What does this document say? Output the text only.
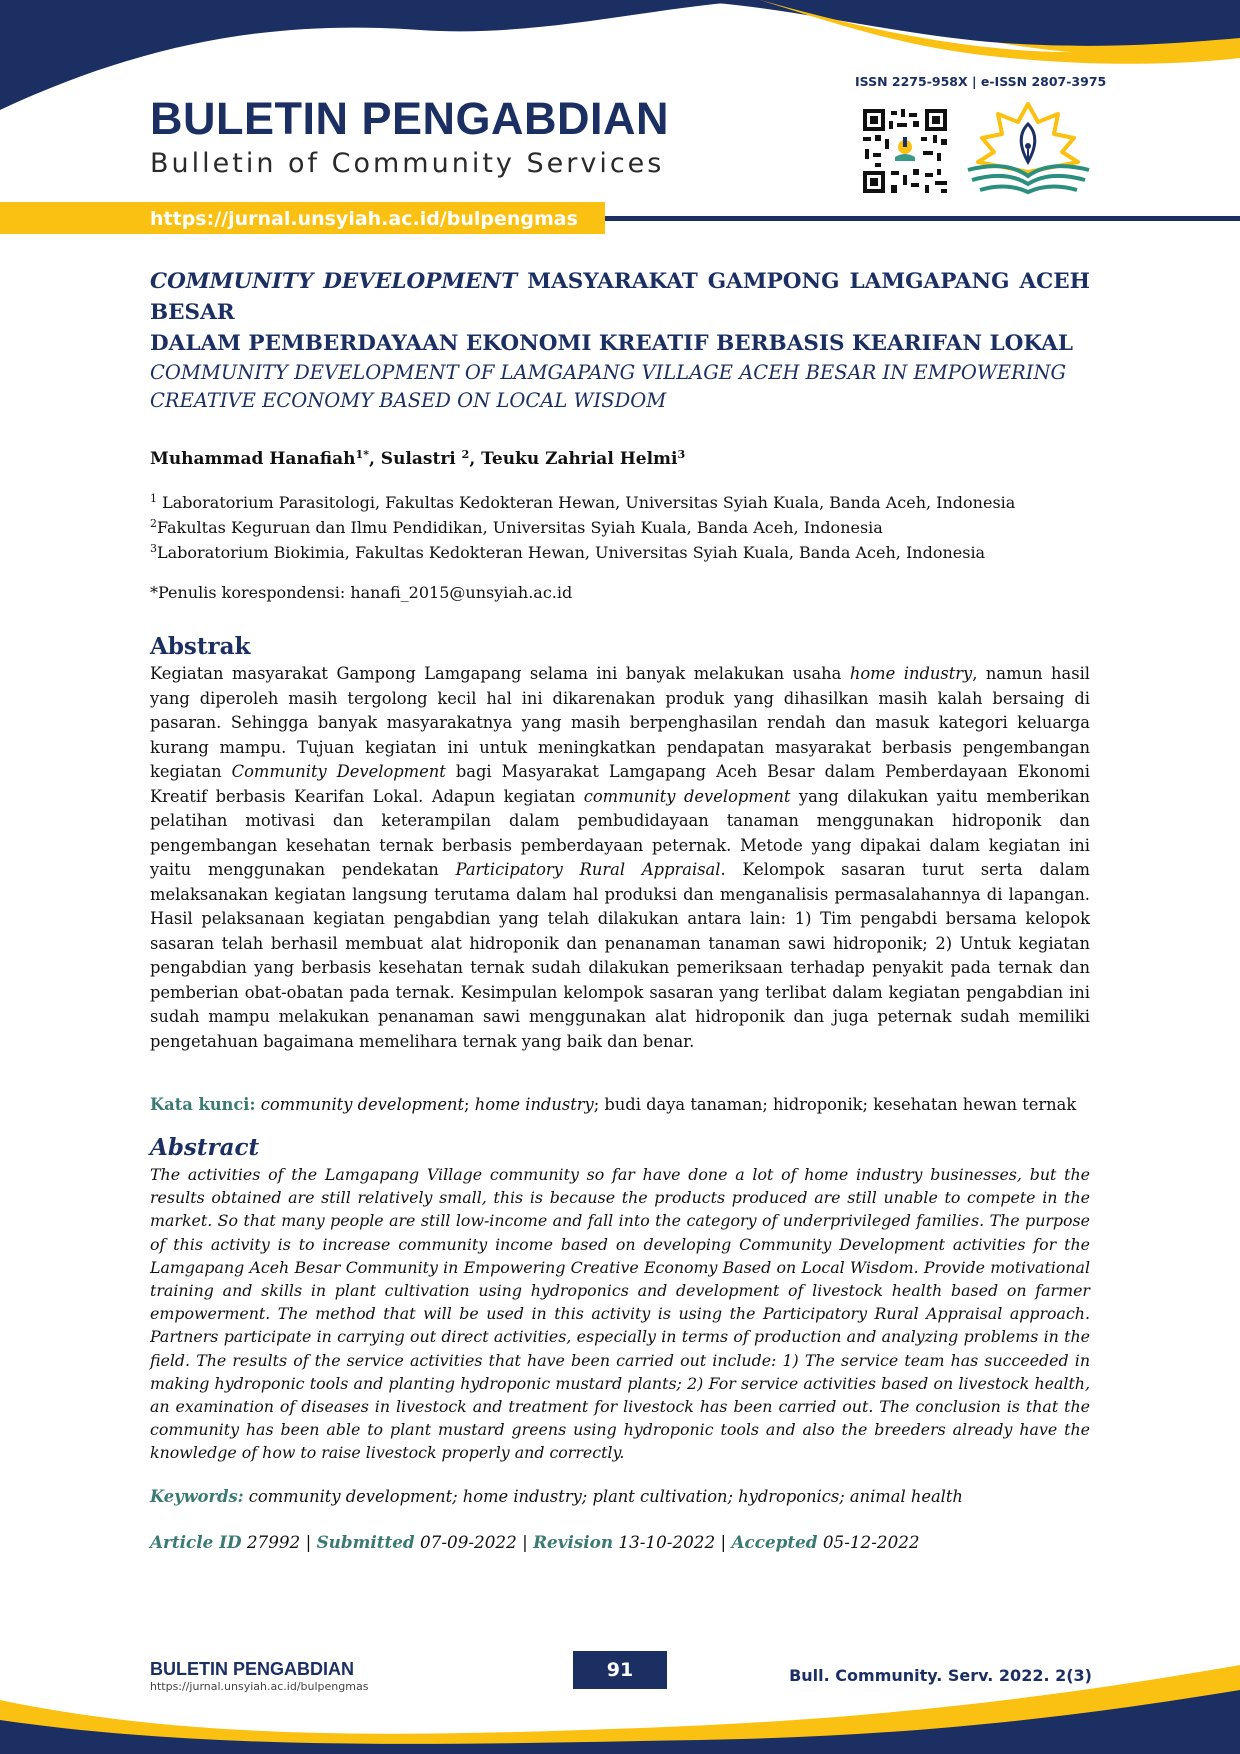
BULETIN PENGABDIAN
Bulletin of Community Services
ISSN 2275-958X | e-ISSN 2807-3975
https://jurnal.unsyiah.ac.id/bulpengmas
COMMUNITY DEVELOPMENT MASYARAKAT GAMPONG LAMGAPANG ACEH BESAR
DALAM PEMBERDAYAAN EKONOMI KREATIF BERBASIS KEARIFAN LOKAL
COMMUNITY DEVELOPMENT OF LAMGAPANG VILLAGE ACEH BESAR IN EMPOWERING CREATIVE ECONOMY BASED ON LOCAL WISDOM
Muhammad Hanafiah$^{1*}$, Sulastri $^2$, Teuku Zahrial Helmi$^3$
$^1$ Laboratorium Parasitologi, Fakultas Kedokteran Hewan, Universitas Syiah Kuala, Banda Aceh, Indonesia
$^2$Fakultas Keguruan dan Ilmu Pendidikan, Universitas Syiah Kuala, Banda Aceh, Indonesia
$^3$Laboratorium Biokimia, Fakultas Kedokteran Hewan, Universitas Syiah Kuala, Banda Aceh, Indonesia
*Penulis korespondensi: hanafi_2015@unsyiah.ac.id
Abstrak
Kegiatan masyarakat Gampong Lamgapang selama ini banyak melakukan usaha home industry, namun hasil yang diperoleh masih tergolong kecil hal ini dikarenakan produk yang dihasilkan masih kalah bersaing di pasaran. Sehingga banyak masyarakatnya yang masih berpenghasilan rendah dan masuk kategori keluarga kurang mampu. Tujuan kegiatan ini untuk meningkatkan pendapatan masyarakat berbasis pengembangan kegiatan Community Development bagi Masyarakat Lamgapang Aceh Besar dalam Pemberdayaan Ekonomi Kreatif berbasis Kearifan Lokal. Adapun kegiatan community development yang dilakukan yaitu memberikan pelatihan motivasi dan keterampilan dalam pembudidayaan tanaman menggunakan hidroponik dan pengembangan kesehatan ternak berbasis pemberdayaan peternak. Metode yang dipakai dalam kegiatan ini yaitu menggunakan pendekatan Participatory Rural Appraisal. Kelompok sasaran turut serta dalam melaksanakan kegiatan langsung terutama dalam hal produksi dan menganalisis permasalahannya di lapangan. Hasil pelaksanaan kegiatan pengabdian yang telah dilakukan antara lain: 1) Tim pengabdi bersama kelopok sasaran telah berhasil membuat alat hidroponik dan penanaman tanaman sawi hidroponik; 2) Untuk kegiatan pengabdian yang berbasis kesehatan ternak sudah dilakukan pemeriksaan terhadap penyakit pada ternak dan pemberian obat-obatan pada ternak. Kesimpulan kelompok sasaran yang terlibat dalam kegiatan pengabdian ini sudah mampu melakukan penanaman sawi menggunakan alat hidroponik dan juga peternak sudah memiliki pengetahuan bagaimana memelihara ternak yang baik dan benar.
Kata kunci: community development; home industry; budi daya tanaman; hidroponik; kesehatan hewan ternak
Abstract
The activities of the Lamgapang Village community so far have done a lot of home industry businesses, but the results obtained are still relatively small, this is because the products produced are still unable to compete in the market. So that many people are still low-income and fall into the category of underprivileged families. The purpose of this activity is to increase community income based on developing Community Development activities for the Lamgapang Aceh Besar Community in Empowering Creative Economy Based on Local Wisdom. Provide motivational training and skills in plant cultivation using hydroponics and development of livestock health based on farmer empowerment. The method that will be used in this activity is using the Participatory Rural Appraisal approach. Partners participate in carrying out direct activities, especially in terms of production and analyzing problems in the field. The results of the service activities that have been carried out include: 1) The service team has succeeded in making hydroponic tools and planting hydroponic mustard plants; 2) For service activities based on livestock health, an examination of diseases in livestock and treatment for livestock has been carried out. The conclusion is that the community has been able to plant mustard greens using hydroponic tools and also the breeders already have the knowledge of how to raise livestock properly and correctly.
Keywords: community development; home industry; plant cultivation; hydroponics; animal health
Article ID 27992 | Submitted 07-09-2022 | Revision 13-10-2022 | Accepted 05-12-2022
BULETIN PENGABDIAN
https://jurnal.unsyiah.ac.id/bulpengmas
91	Bull. Community. Serv. 2022. 2(3)
